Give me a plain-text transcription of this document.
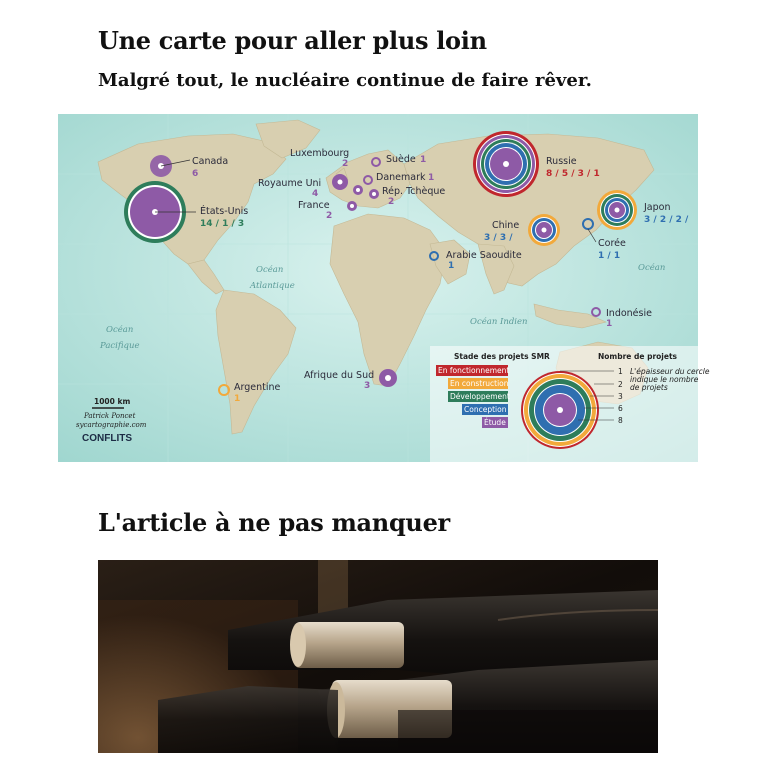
Une carte pour aller plus loin

Malgré tout, le nucléaire continue de faire rêver.

Canada
6
États-Unis
14 / 1 / 3
Luxembourg
2
Royaume Uni
4
France
2
Suède 1
Danemark 1
Rép. Tchèque
2
Russie
8 / 5 / 3 / 1
Chine
3 / 3 /
Japon
3 / 2 / 2 /
Corée
1 / 1
Arabie Saoudite
1
Indonésie
1
Afrique du Sud
3
Argentine
1
Océan
Atlantique
Océan
Pacifique
Océan Indien
Océan
Stade des projets SMR	Nombre de projets
En fonctionnement
En construction
Développement
Conception
Étude
1
2
3
6
8
L'épaisseur du cercle
indique le nombre
de projets
1000 km
Patrick Poncet
sycartographie.com
CONFLITS
L'article à ne pas manquer
